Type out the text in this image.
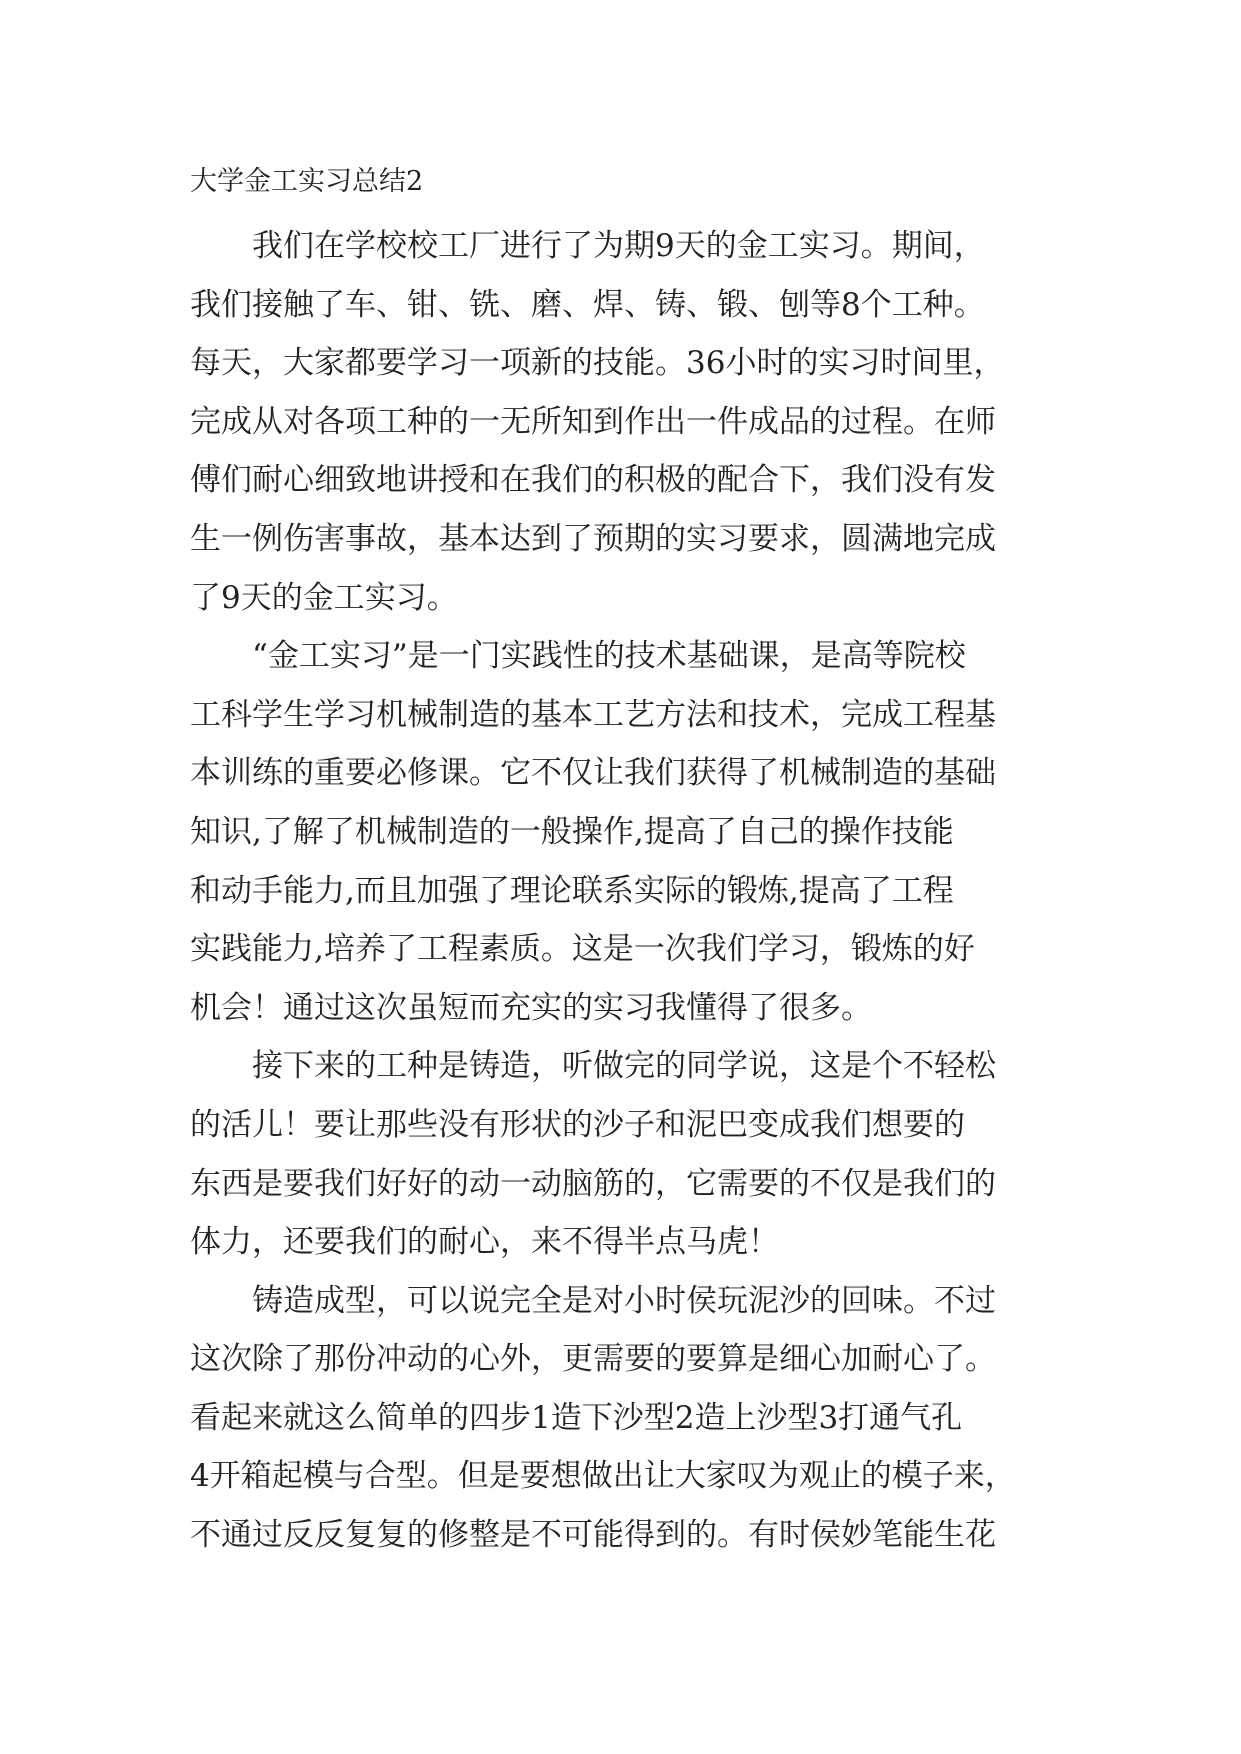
大学金工实习总结2
我们在学校校工厂进行了为期9天的金工实习。期间，
我们接触了车、钳、铣、磨、焊、铸、锻、刨等8个工种。
每天，大家都要学习一项新的技能。36小时的实习时间里，
完成从对各项工种的一无所知到作出一件成品的过程。在师
傅们耐心细致地讲授和在我们的积极的配合下，我们没有发
生一例伤害事故，基本达到了预期的实习要求，圆满地完成
了9天的金工实习。
“金工实习”是一门实践性的技术基础课，是高等院校
工科学生学习机械制造的基本工艺方法和技术，完成工程基
本训练的重要必修课。它不仅让我们获得了机械制造的基础
知识,了解了机械制造的一般操作,提高了自己的操作技能
和动手能力,而且加强了理论联系实际的锻炼,提高了工程
实践能力,培养了工程素质。这是一次我们学习，锻炼的好
机会！通过这次虽短而充实的实习我懂得了很多。
接下来的工种是铸造，听做完的同学说，这是个不轻松
的活儿！要让那些没有形状的沙子和泥巴变成我们想要的
东西是要我们好好的动一动脑筋的，它需要的不仅是我们的
体力，还要我们的耐心，来不得半点马虎！
铸造成型，可以说完全是对小时侯玩泥沙的回味。不过
这次除了那份冲动的心外，更需要的要算是细心加耐心了。
看起来就这么简单的四步1造下沙型2造上沙型3打通气孔
4开箱起模与合型。但是要想做出让大家叹为观止的模子来，
不通过反反复复的修整是不可能得到的。有时侯妙笔能生花
